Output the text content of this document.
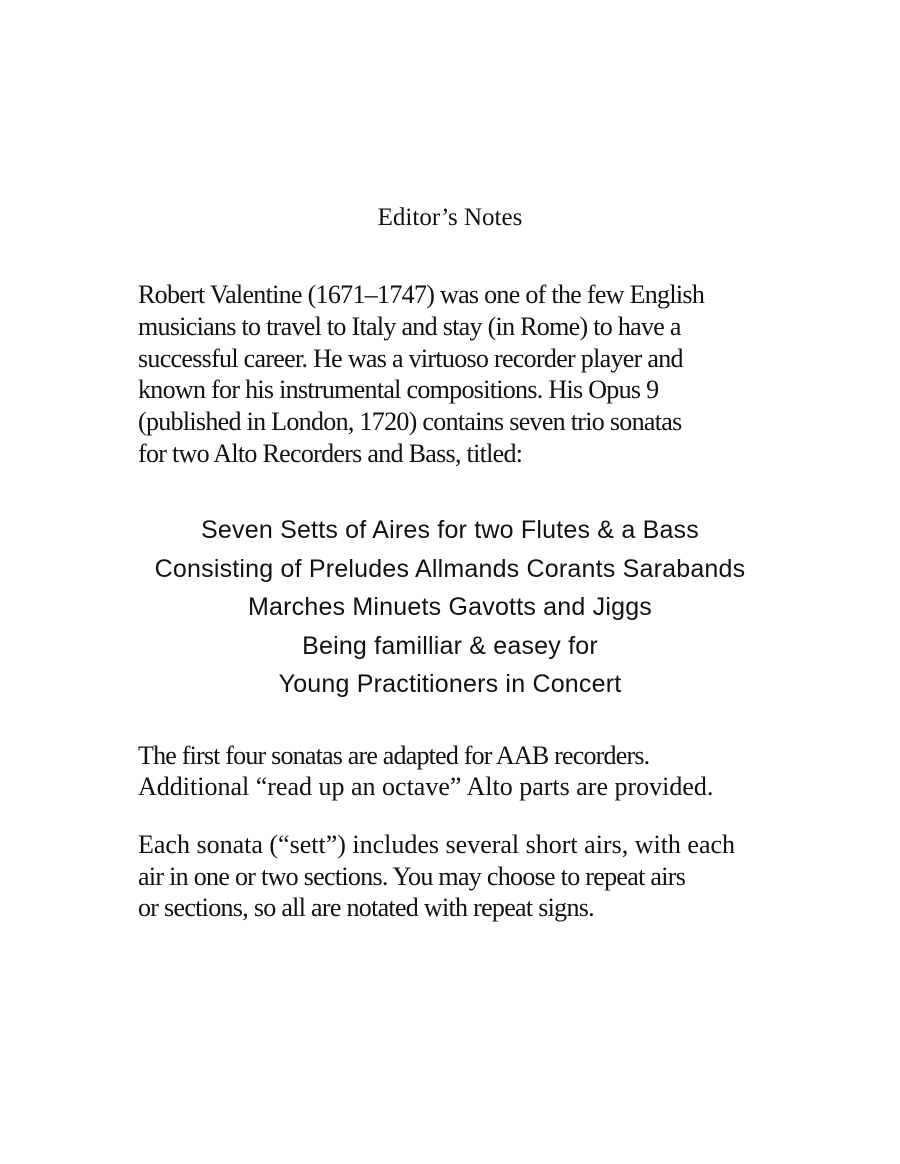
Editor’s Notes
Robert Valentine (1671–1747) was one of the few English
musicians to travel to Italy and stay (in Rome) to have a
successful career. He was a virtuoso recorder player and
known for his instrumental compositions. His Opus 9
(published in London, 1720) contains seven trio sonatas
for two Alto Recorders and Bass, titled:
Seven Setts of Aires for two Flutes & a Bass
Consisting of Preludes Allmands Corants Sarabands
Marches Minuets Gavotts and Jiggs
Being familliar & easey for
Young Practitioners in Concert
The first four sonatas are adapted for AAB recorders.
Additional “read up an octave” Alto parts are provided.
Each sonata (“sett”) includes several short airs, with each
air in one or two sections. You may choose to repeat airs
or sections, so all are notated with repeat signs.
